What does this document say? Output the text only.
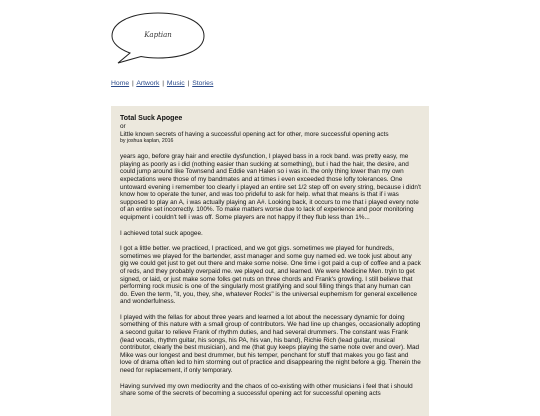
Kaptian
Home | Artwork | Music | Stories
Total Suck Apogee
or
Little known secrets of having a successful opening act for other, more successful opening acts
by joshua kaplan, 2016

years ago, before gray hair and erectile dysfunction, I played bass in a rock band. was pretty easy, me playing as poorly as i did (nothing easier than sucking at something), but i had the hair, the desire, and could jump around like Townsend and Eddie van Halen so i was in. the only thing lower than my own expectations were those of my bandmates and at times i even exceeded those lofty tolerances. One untoward evening i remember too clearly i played an entire set 1/2 step off on every string, because i didn't know how to operate the tuner, and was too prideful to ask for help. what that means is that if i was supposed to play an A, i was actually playing an A#. Looking back, it occurs to me that i played every note of an entire set incorrectly. 100%. To make matters worse due to lack of experience and poor monitoring equipment i couldn't tell i was off. Some players are not happy if they flub less than 1%...

I achieved total suck apogee.

I got a little better. we practiced, I practiced, and we got gigs. sometimes we played for hundreds, sometimes we played for the bartender, asst manager and some guy named ed. we took just about any gig we could get just to get out there and make some noise. One time i got paid a cup of coffee and a pack of reds, and they probably overpaid me. we played out, and learned. We were Medicine Men. tryin to get signed, or laid, or just make some folks get nuts on three chords and Frank's growling. I still believe that performing rock music is one of the singularly most gratifying and soul filling things that any human can do. Even the term, "it, you, they, she, whatever Rocks" is the universal euphemism for general excellence and wonderfulness.

I played with the fellas for about three years and learned a lot about the necessary dynamic for doing something of this nature with a small group of contributors. We had line up changes, occasionally adopting a second guitar to relieve Frank of rhythm duties, and had several drummers. The constant was Frank (lead vocals, rhythm guitar, his songs, his PA, his van, his band), Richie Rich (lead guitar, musical contributor, clearly the best musician), and me (that guy keeps playing the same note over and over). Mad Mike was our longest and best drummer, but his temper, penchant for stuff that makes you go fast and love of drama often led to him storming out of practice and disappearing the night before a gig. Therein the need for replacement, if only temporary.

Having survived my own mediocrity and the chaos of co-existing with other musicians i feel that i should share some of the secrets of becoming a successful opening act for successful opening acts
